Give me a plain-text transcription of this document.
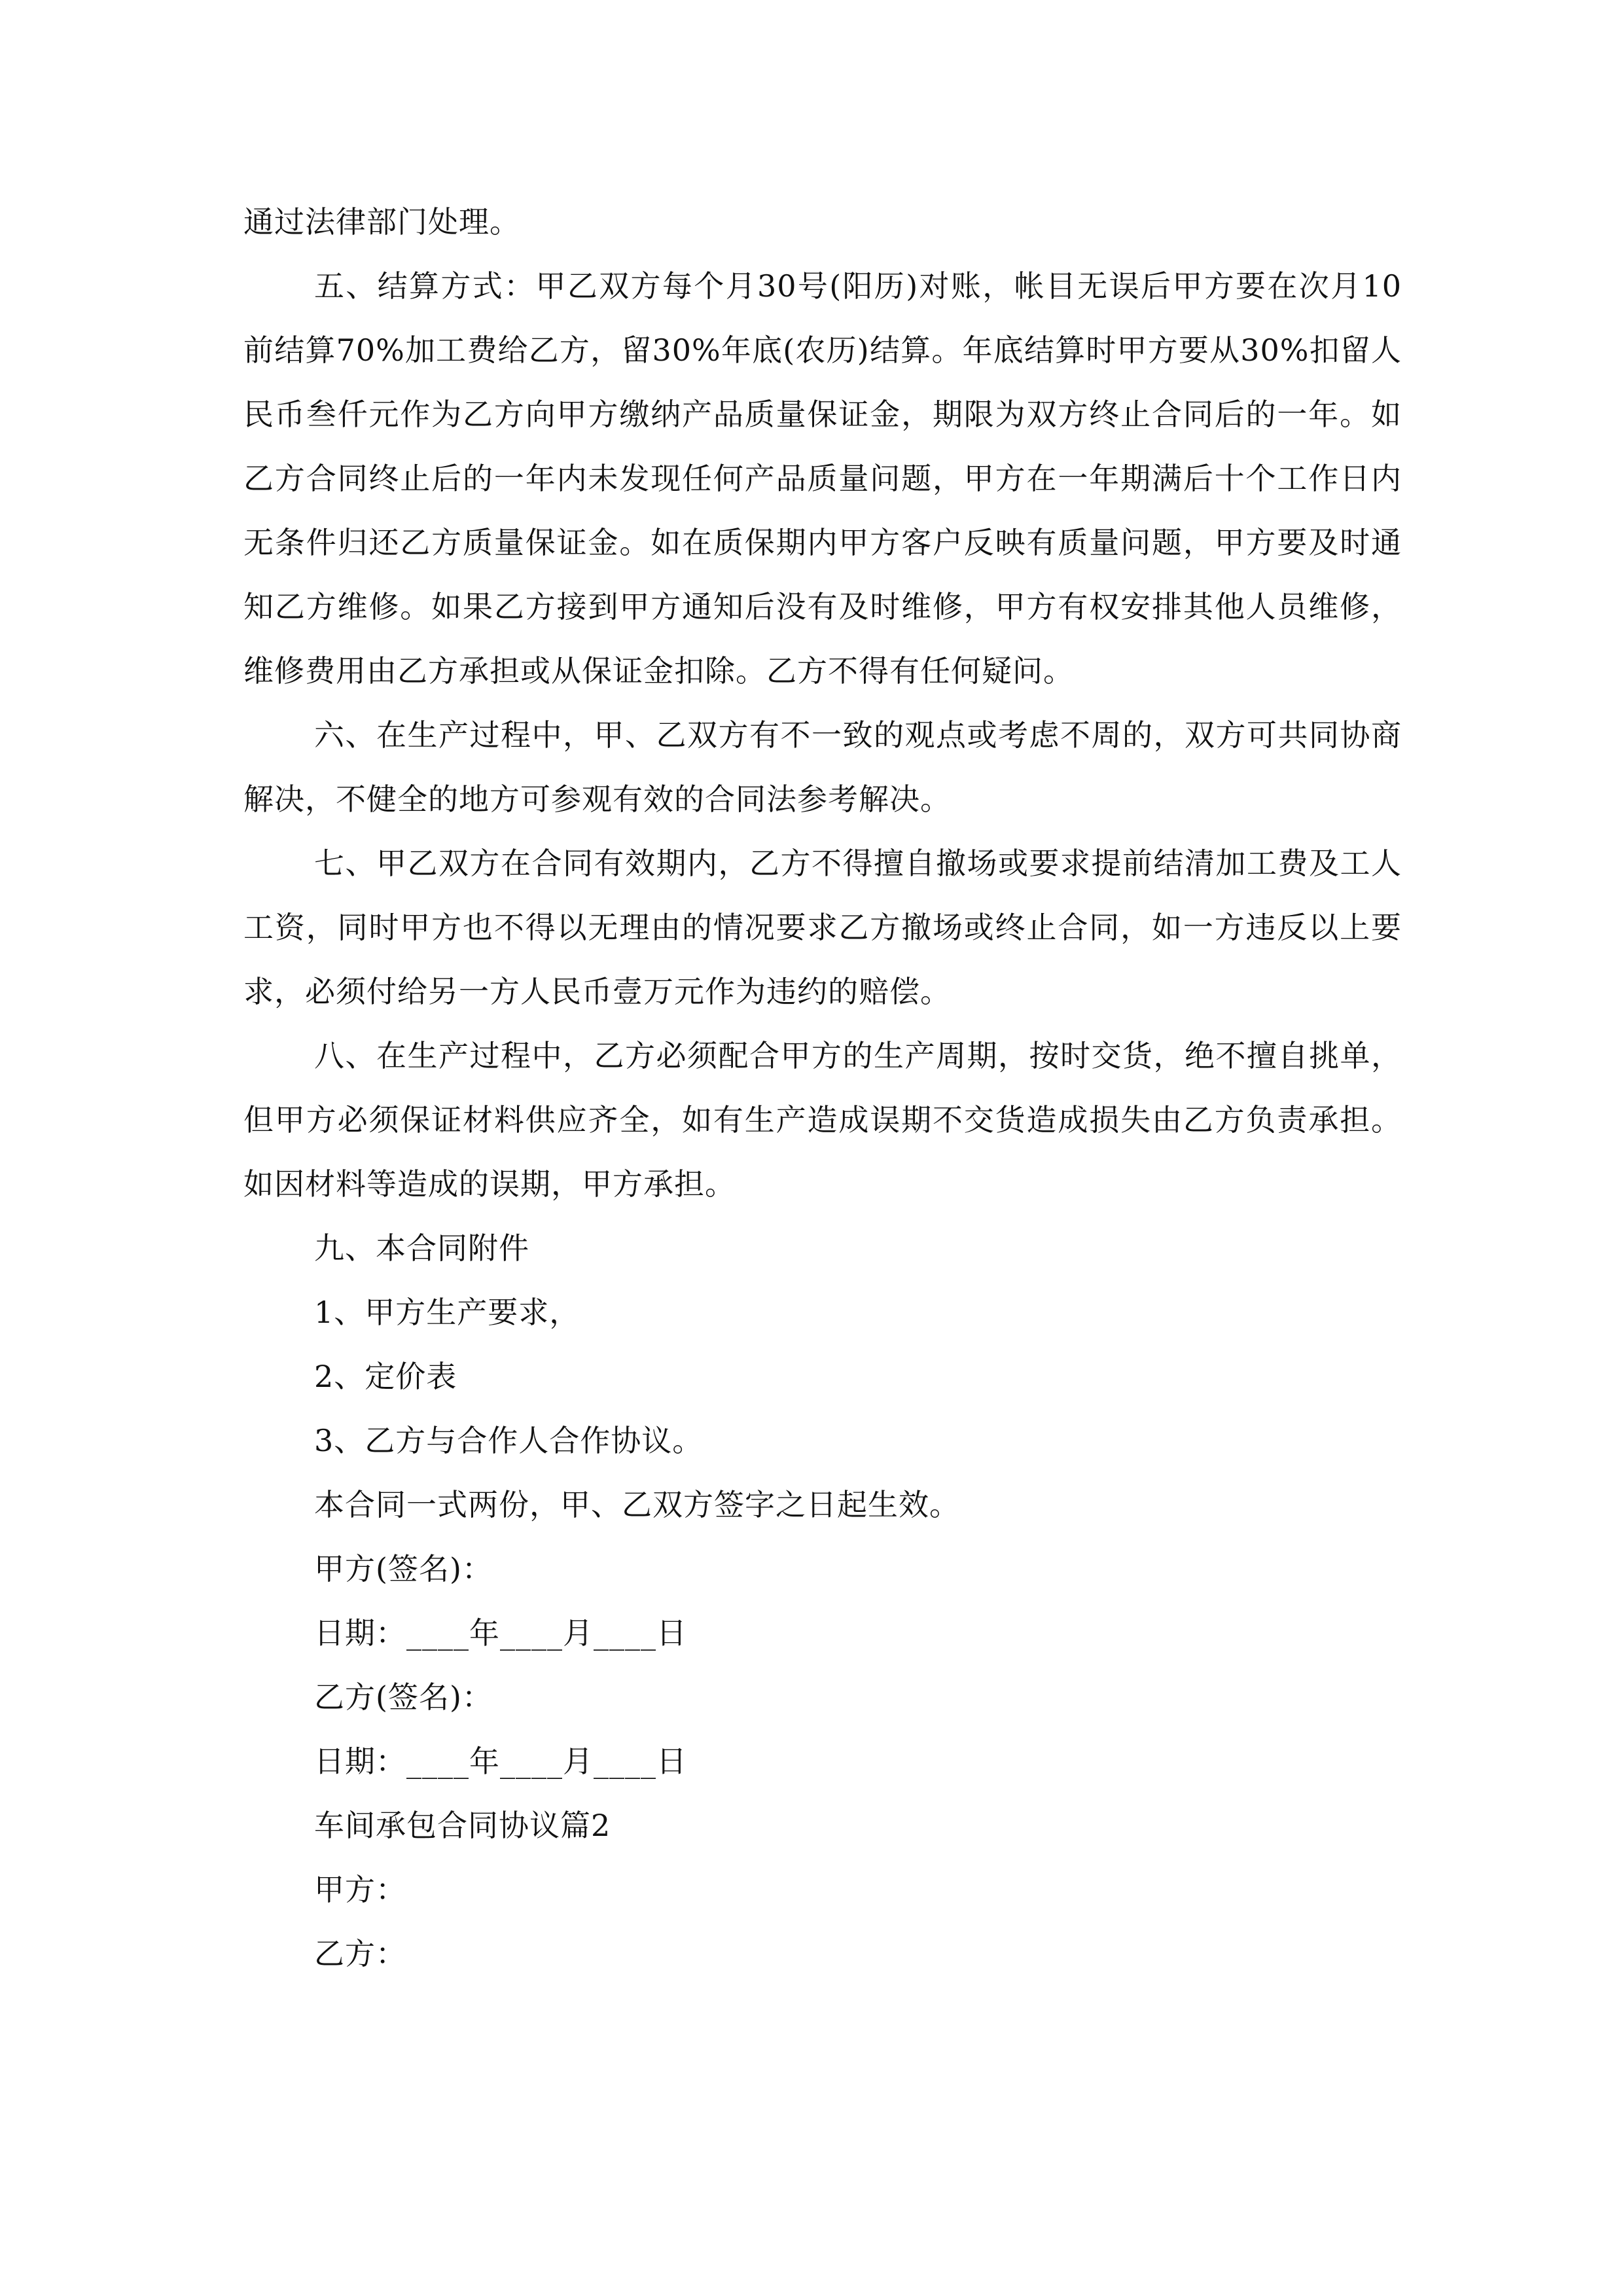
通过法律部门处理。

五、结算方式：甲乙双方每个月30号(阳历)对账，帐目无误后甲方要在次月10前结算70%加工费给乙方，留30%年底(农历)结算。年底结算时甲方要从30%扣留人民币叁仟元作为乙方向甲方缴纳产品质量保证金，期限为双方终止合同后的一年。如乙方合同终止后的一年内未发现任何产品质量问题，甲方在一年期满后十个工作日内无条件归还乙方质量保证金。如在质保期内甲方客户反映有质量问题，甲方要及时通知乙方维修。如果乙方接到甲方通知后没有及时维修，甲方有权安排其他人员维修，维修费用由乙方承担或从保证金扣除。乙方不得有任何疑问。

六、在生产过程中，甲、乙双方有不一致的观点或考虑不周的，双方可共同协商解决，不健全的地方可参观有效的合同法参考解决。

七、甲乙双方在合同有效期内，乙方不得擅自撤场或要求提前结清加工费及工人工资，同时甲方也不得以无理由的情况要求乙方撤场或终止合同，如一方违反以上要求，必须付给另一方人民币壹万元作为违约的赔偿。

八、在生产过程中，乙方必须配合甲方的生产周期，按时交货，绝不擅自挑单，但甲方必须保证材料供应齐全，如有生产造成误期不交货造成损失由乙方负责承担。如因材料等造成的误期，甲方承担。

九、本合同附件

1、甲方生产要求，

2、定价表

3、乙方与合作人合作协议。

本合同一式两份，甲、乙双方签字之日起生效。

甲方(签名)：

日期：____年____月____日

乙方(签名)：

日期：____年____月____日

车间承包合同协议篇2

甲方：

乙方：
